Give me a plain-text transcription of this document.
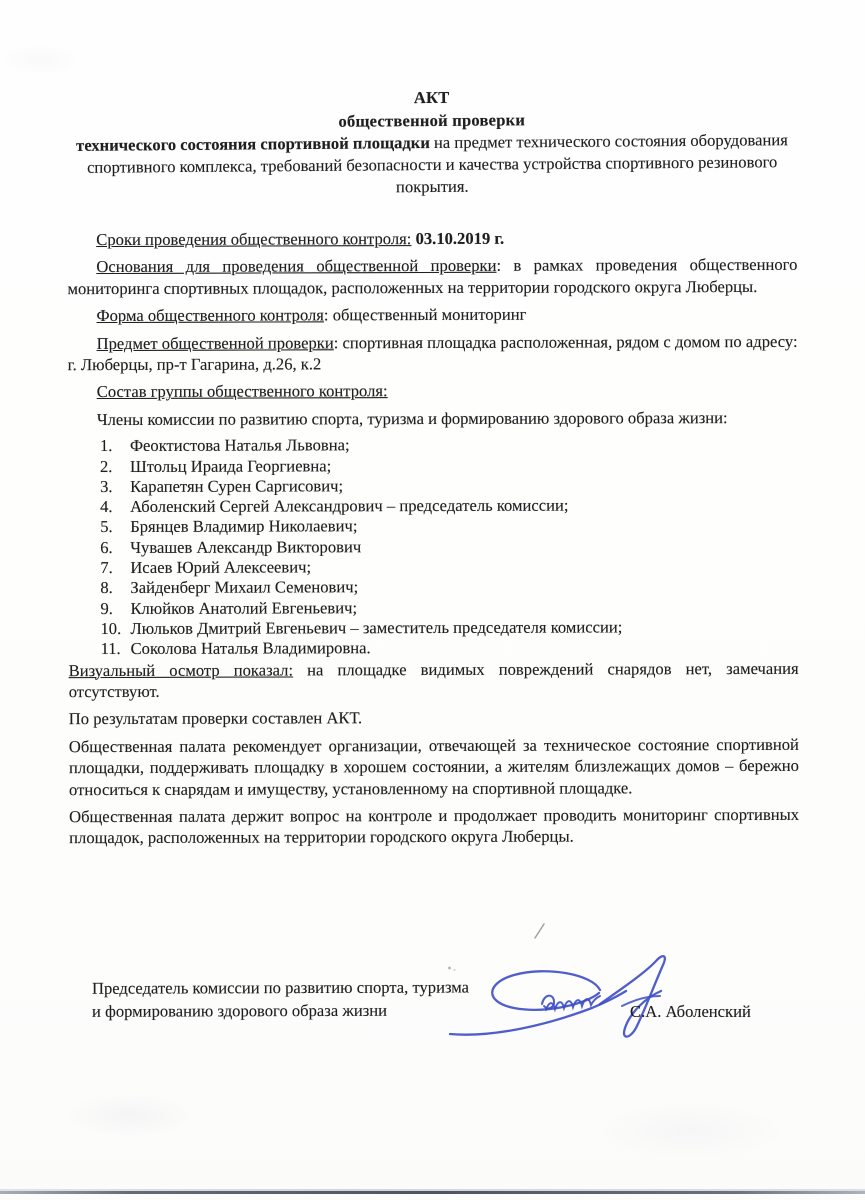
АКТ
общественной проверки

технического состояния спортивной площадки на предмет технического состояния оборудования спортивного комплекса, требований безопасности и качества устройства спортивного резинового покрытия.

Сроки проведения общественного контроля: 03.10.2019 г.

Основания для проведения общественной проверки: в рамках проведения общественного мониторинга спортивных площадок, расположенных на территории городского округа Люберцы.

Форма общественного контроля: общественный мониторинг

Предмет общественной проверки: спортивная площадка расположенная, рядом с домом по адресу: г. Люберцы, пр-т Гагарина, д.26, к.2

Состав группы общественного контроля:

Члены комиссии по развитию спорта, туризма и формированию здорового образа жизни:

Феоктистова Наталья Львовна;
Штольц Ираида Георгиевна;
Карапетян Сурен Саргисович;
Аболенский Сергей Александрович – председатель комиссии;
Брянцев Владимир Николаевич;
Чувашев Александр Викторович
Исаев Юрий Алексеевич;
Зайденберг Михаил Семенович;
Клюйков Анатолий Евгеньевич;
Люльков Дмитрий Евгеньевич – заместитель председателя комиссии;
Соколова Наталья Владимировна.

Визуальный осмотр показал: на площадке видимых повреждений снарядов нет, замечания отсутствуют.

По результатам проверки составлен АКТ.

Общественная палата рекомендует организации, отвечающей за техническое состояние спортивной площадки, поддерживать площадку в хорошем состоянии, а жителям близлежащих домов – бережно относиться к снарядам и имуществу, установленному на спортивной площадке.

Общественная палата держит вопрос на контроле и продолжает проводить мониторинг спортивных площадок, расположенных на территории городского округа Люберцы.

Председатель комиссии по развитию спорта, туризма
и формированию здорового образа жизни	С.А. Аболенский
